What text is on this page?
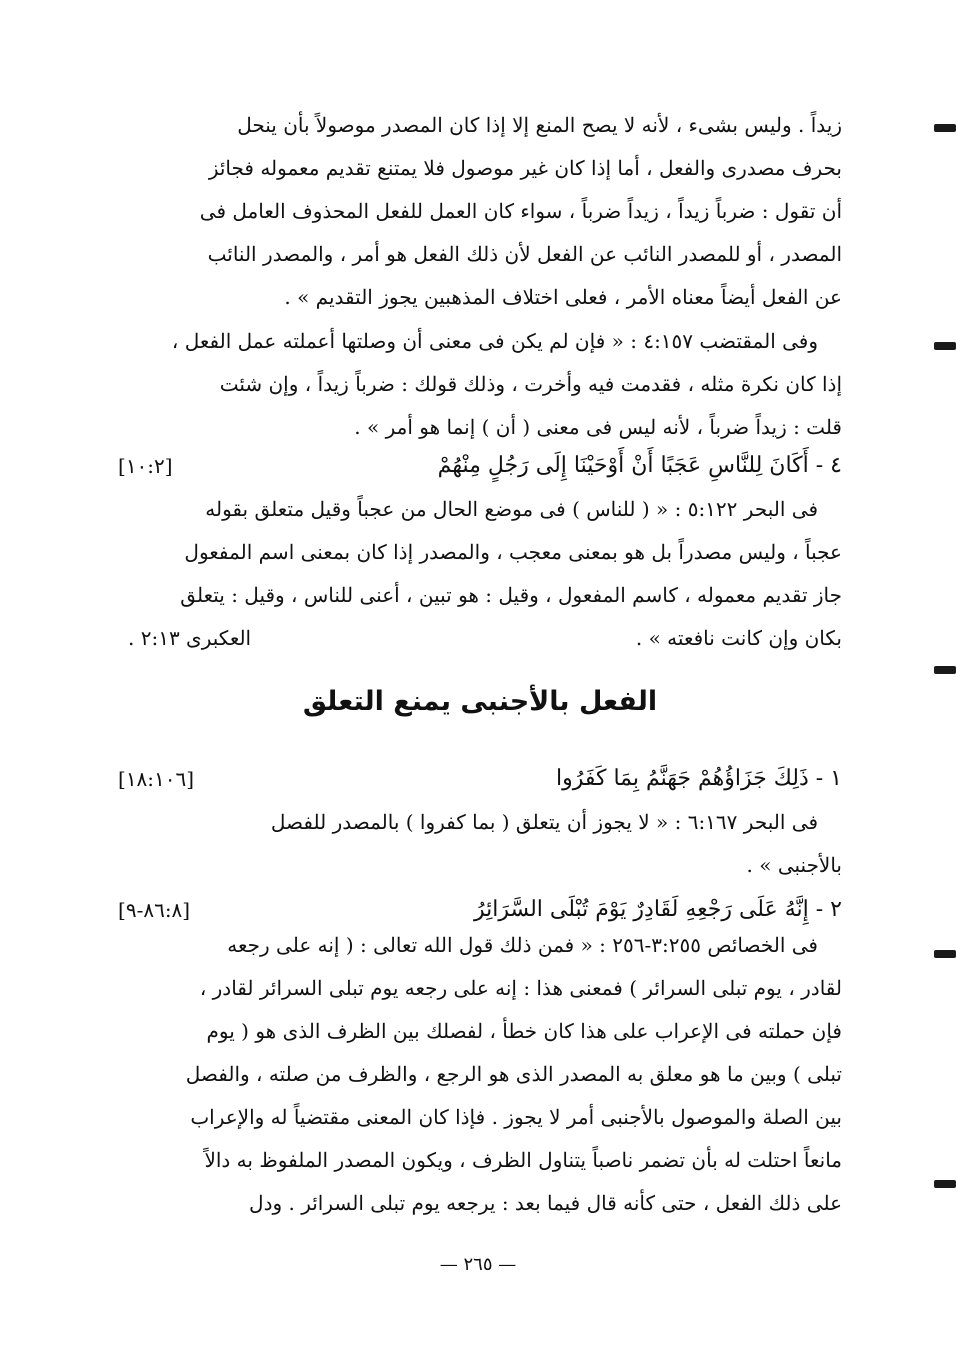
زيداً . وليس بشىء ، لأنه لا يصح المنع إلا إذا كان المصدر موصولاً بأن ينحل

بحرف مصدرى والفعل ، أما إذا كان غير موصول فلا يمتنع تقديم معموله فجائز

أن تقول : ضرباً زيداً ، زيداً ضرباً ، سواء كان العمل للفعل المحذوف العامل فى

المصدر ، أو للمصدر النائب عن الفعل لأن ذلك الفعل هو أمر ، والمصدر النائب

عن الفعل أيضاً معناه الأمر ، فعلى اختلاف المذهبين يجوز التقديم » .

وفى المقتضب ٤:١٥٧ : « فإن لم يكن فى معنى أن وصلتها أعملته عمل الفعل ،

إذا كان نكرة مثله ، فقدمت فيه وأخرت ، وذلك قولك : ضرباً زيداً ، وإن شئت

قلت : زيداً ضرباً ، لأنه ليس فى معنى ( أن ) إنما هو أمر » .

٤ - أَكَانَ لِلنَّاسِ عَجَبًا أَنْ أَوْحَيْنَا إِلَى رَجُلٍ مِنْهُمْ
[١٠:٢]

فى البحر ٥:١٢٢ : « ( للناس ) فى موضع الحال من عجباً وقيل متعلق بقوله

عجباً ، وليس مصدراً بل هو بمعنى معجب ، والمصدر إذا كان بمعنى اسم المفعول

جاز تقديم معموله ، كاسم المفعول ، وقيل : هو تبين ، أعنى للناس ، وقيل : يتعلق

بكان وإن كانت نافعته » .
العكبرى ٢:١٣ .
الفعل بالأجنبى يمنع التعلق
١ - ذَلِكَ جَزَاؤُهُمْ جَهَنَّمُ بِمَا كَفَرُوا
[١٨:١٠٦]

فى البحر ٦:١٦٧ : « لا يجوز أن يتعلق ( بما كفروا ) بالمصدر للفصل

بالأجنبى » .

٢ - إِنَّهُ عَلَى رَجْعِهِ لَقَادِرٌ يَوْمَ تُبْلَى السَّرَائِرُ
[٨٦:٨-٩]

فى الخصائص ٣:٢٥٥-٢٥٦ : « فمن ذلك قول الله تعالى : ( إنه على رجعه

لقادر ، يوم تبلى السرائر ) فمعنى هذا : إنه على رجعه يوم تبلى السرائر لقادر ،

فإن حملته فى الإعراب على هذا كان خطأ ، لفصلك بين الظرف الذى هو ( يوم

تبلى ) وبين ما هو معلق به المصدر الذى هو الرجع ، والظرف من صلته ، والفصل

بين الصلة والموصول بالأجنبى أمر لا يجوز . فإذا كان المعنى مقتضياً له والإعراب

مانعاً احتلت له بأن تضمر ناصباً يتناول الظرف ، ويكون المصدر الملفوظ به دالاً

على ذلك الفعل ، حتى كأنه قال فيما بعد : يرجعه يوم تبلى السرائر . ودل

— ٢٦٥ —
